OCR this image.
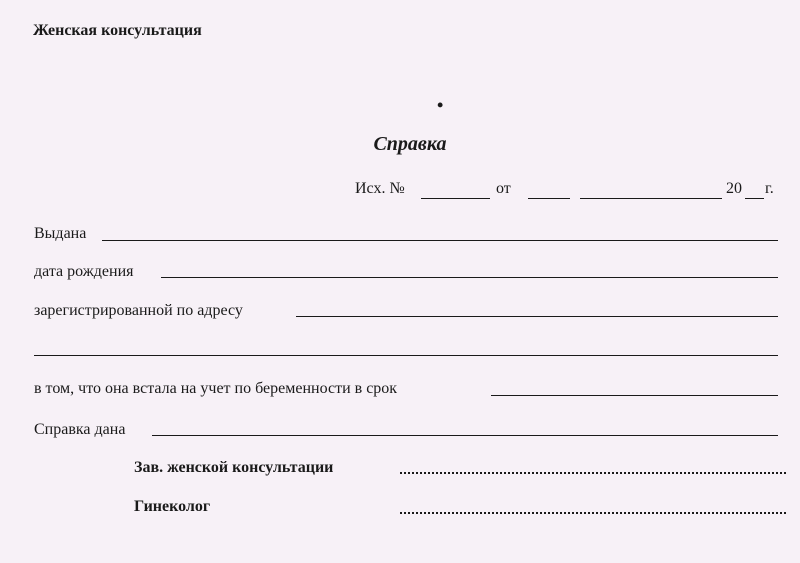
Женская консультация
•
Справка
Исх. №	от	20 г.
Выдана
дата рождения
зарегистрированной по адресу
в том, что она встала на учет по беременности в срок
Справка дана
Зав. женской консультации
Гинеколог
